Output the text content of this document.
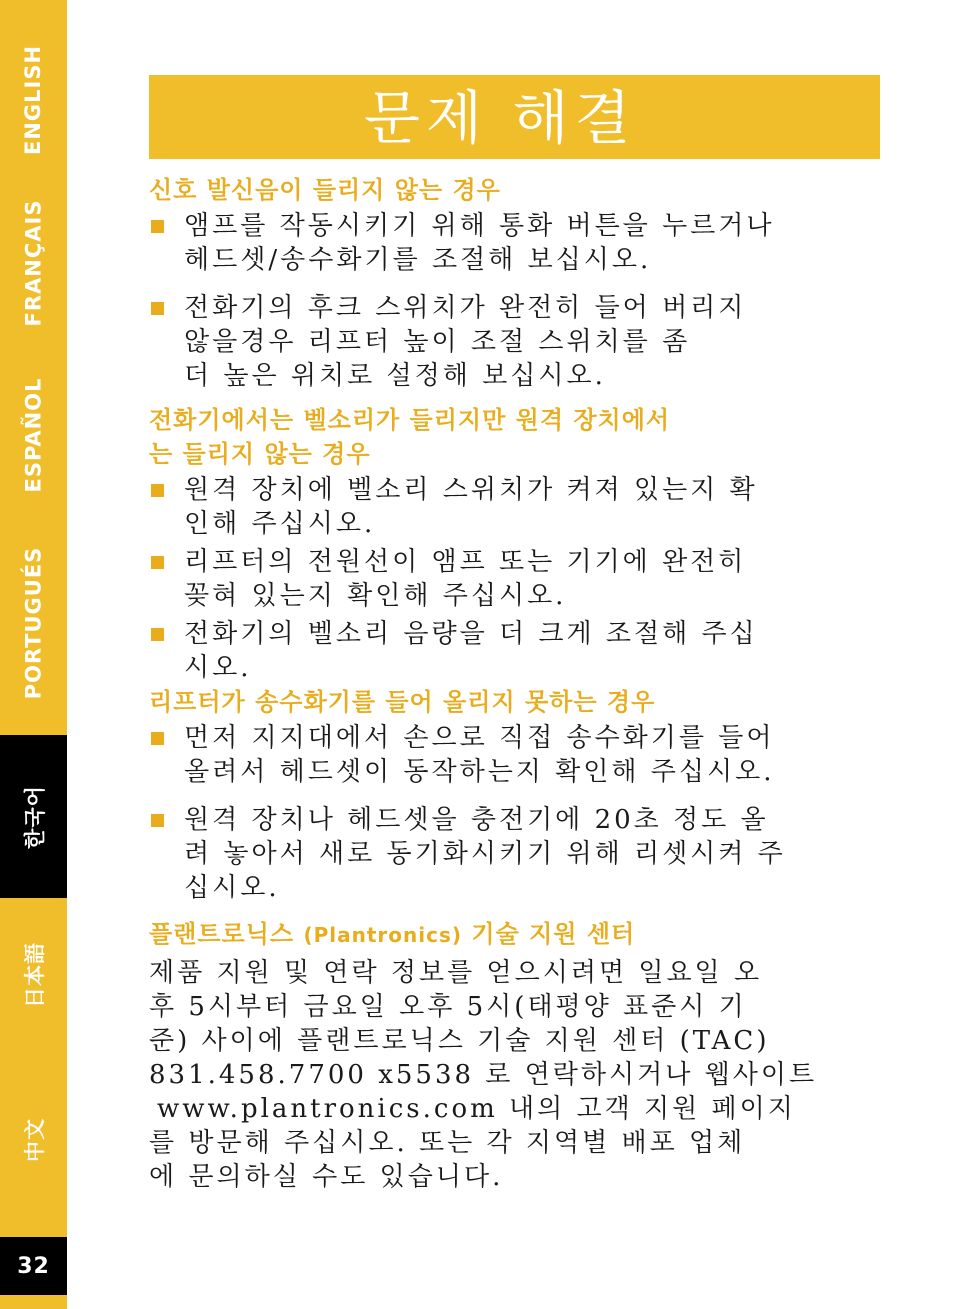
ENGLISH
FRANÇAIS
ESPAÑOL
PORTUGUÉS
한국어
日本語
中文
32
문제 해결

신호 발신음이 들리지 않는 경우

앰프를 작동시키기 위해 통화 버튼을 누르거나
헤드셋/송수화기를 조절해 보십시오.
전화기의 후크 스위치가 완전히 들어 버리지
않을경우 리프터 높이 조절 스위치를 좀
더 높은 위치로 설정해 보십시오.

전화기에서는 벨소리가 들리지만 원격 장치에서

는 들리지 않는 경우

원격 장치에 벨소리 스위치가 켜져 있는지 확
인해 주십시오.
리프터의 전원선이 앰프 또는 기기에 완전히
꽂혀 있는지 확인해 주십시오.
전화기의 벨소리 음량을 더 크게 조절해 주십
시오.

리프터가 송수화기를 들어 올리지 못하는 경우

먼저 지지대에서 손으로 직접 송수화기를 들어
올려서 헤드셋이 동작하는지 확인해 주십시오.
원격 장치나 헤드셋을 충전기에 20초 정도 올
려 놓아서 새로 동기화시키기 위해 리셋시켜 주
십시오.

플랜트로닉스 (Plantronics) 기술 지원 센터

제품 지원 및 연락 정보를 얻으시려면 일요일 오

후 5시부터 금요일 오후 5시(태평양 표준시 기

준) 사이에 플랜트로닉스 기술 지원 센터 (TAC)

831.458.7700 x5538 로 연락하시거나 웹사이트

www.plantronics.com 내의 고객 지원 페이지

를 방문해 주십시오. 또는 각 지역별 배포 업체

에 문의하실 수도 있습니다.
